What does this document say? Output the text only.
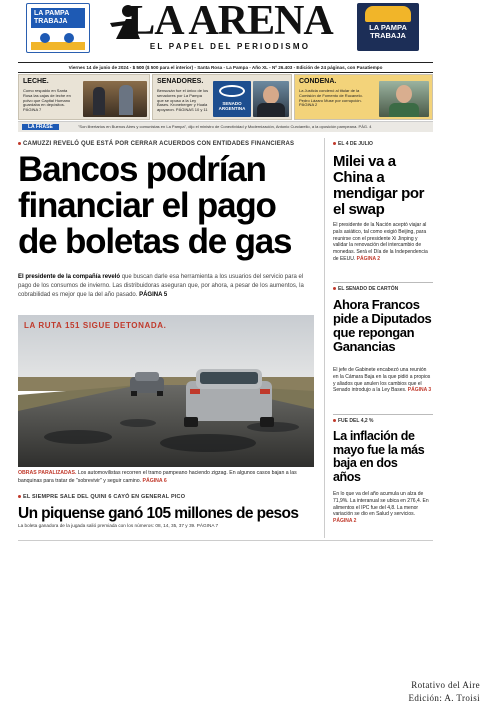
LA PAMPA TRABAJA	LA ARENA
EL PAPEL DEL PERIODISMO
LA PAMPA TRABAJA
Viernes 14 de junio de 2024 - $ 500 ($ 500 para el interior) - Santa Rosa - La Pampa - Año XL - Nº 26.403 - Edición de 24 páginas, con Pasatiempo
LECHE.
Como respaldo en Santa Rosa las cajas de leche en polvo que Capital Humano guardaba en depósitos. PÁGINA 7
SENADORES.
Bensusán fue el único de los senadores por La Pampa que se opuso a la Ley Bases. Kroneberger y Huala apoyaron. PÁGINAS 10 y 11
SENADO ARGENTINA
CONDENA.
La Justicia condenó al titular de la Comisión de Fomento de Rucanelo. Pedro Lázaro Muse por corrupción. PÁGINA 2
LA FRASE	"Son libertarios en Buenos Aires y comunistas en La Pampa", dijo el ministro de Conectividad y Modernización, Antonio Curciarello, a la oposición pampeana. PÁG. 4
CAMUZZI REVELÓ QUE ESTÁ POR CERRAR ACUERDOS CON ENTIDADES FINANCIERAS
Bancos podrían financiar el pago de boletas de gas
El presidente de la compañía reveló que buscan darle esa herramienta a los usuarios del servicio para el pago de los consumos de invierno. Las distribuidoras aseguran que, por ahora, a pesar de los aumentos, la cobrabilidad es mejor que la del año pasado. PÁGINA 5
LA RUTA 151 SIGUE DETONADA.
OBRAS PARALIZADAS. Los automovilistas recorren el tramo pampeano haciendo zigzag. En algunos casos bajan a las banquinas para tratar de "sobrevivir" y seguir camino. PÁGINA 6
EL SIEMPRE SALE DEL QUINI 6 CAYÓ EN GENERAL PICO
Un piquense ganó 105 millones de pesos
La boleta ganadora de la jugada salió premiada con los números: 08, 14, 35, 37 y 39. PÁGINA 7
EL 4 DE JULIO
Milei va a China a mendigar por el swap
El presidente de la Nación aceptó viajar al país asiático, tal como exigió Beijing, para reunirse con el presidente Xi Jinping y validar la renovación del intercambio de monedas. Será el Día de la Independencia de EEUU. PÁGINA 2
EL SENADO DE CARTÓN
Ahora Francos pide a Diputados que repongan Ganancias
El jefe de Gabinete encabezó una reunión en la Cámara Baja en la que pidió a propios y aliados que anulen los cambios que el Senado introdujo a la Ley Bases. PÁGINA 3
FUE DEL 4,2 %
La inflación de mayo fue la más baja en dos años
En lo que va del año acumula un alza de 71,9%. La interanual se ubica en 276,4. En alimentos el IPC fue del 4,8. La menor variación se dio en Salud y servicios. PÁGINA 2
Rotativo del Aire
Edición: A. Troisi
